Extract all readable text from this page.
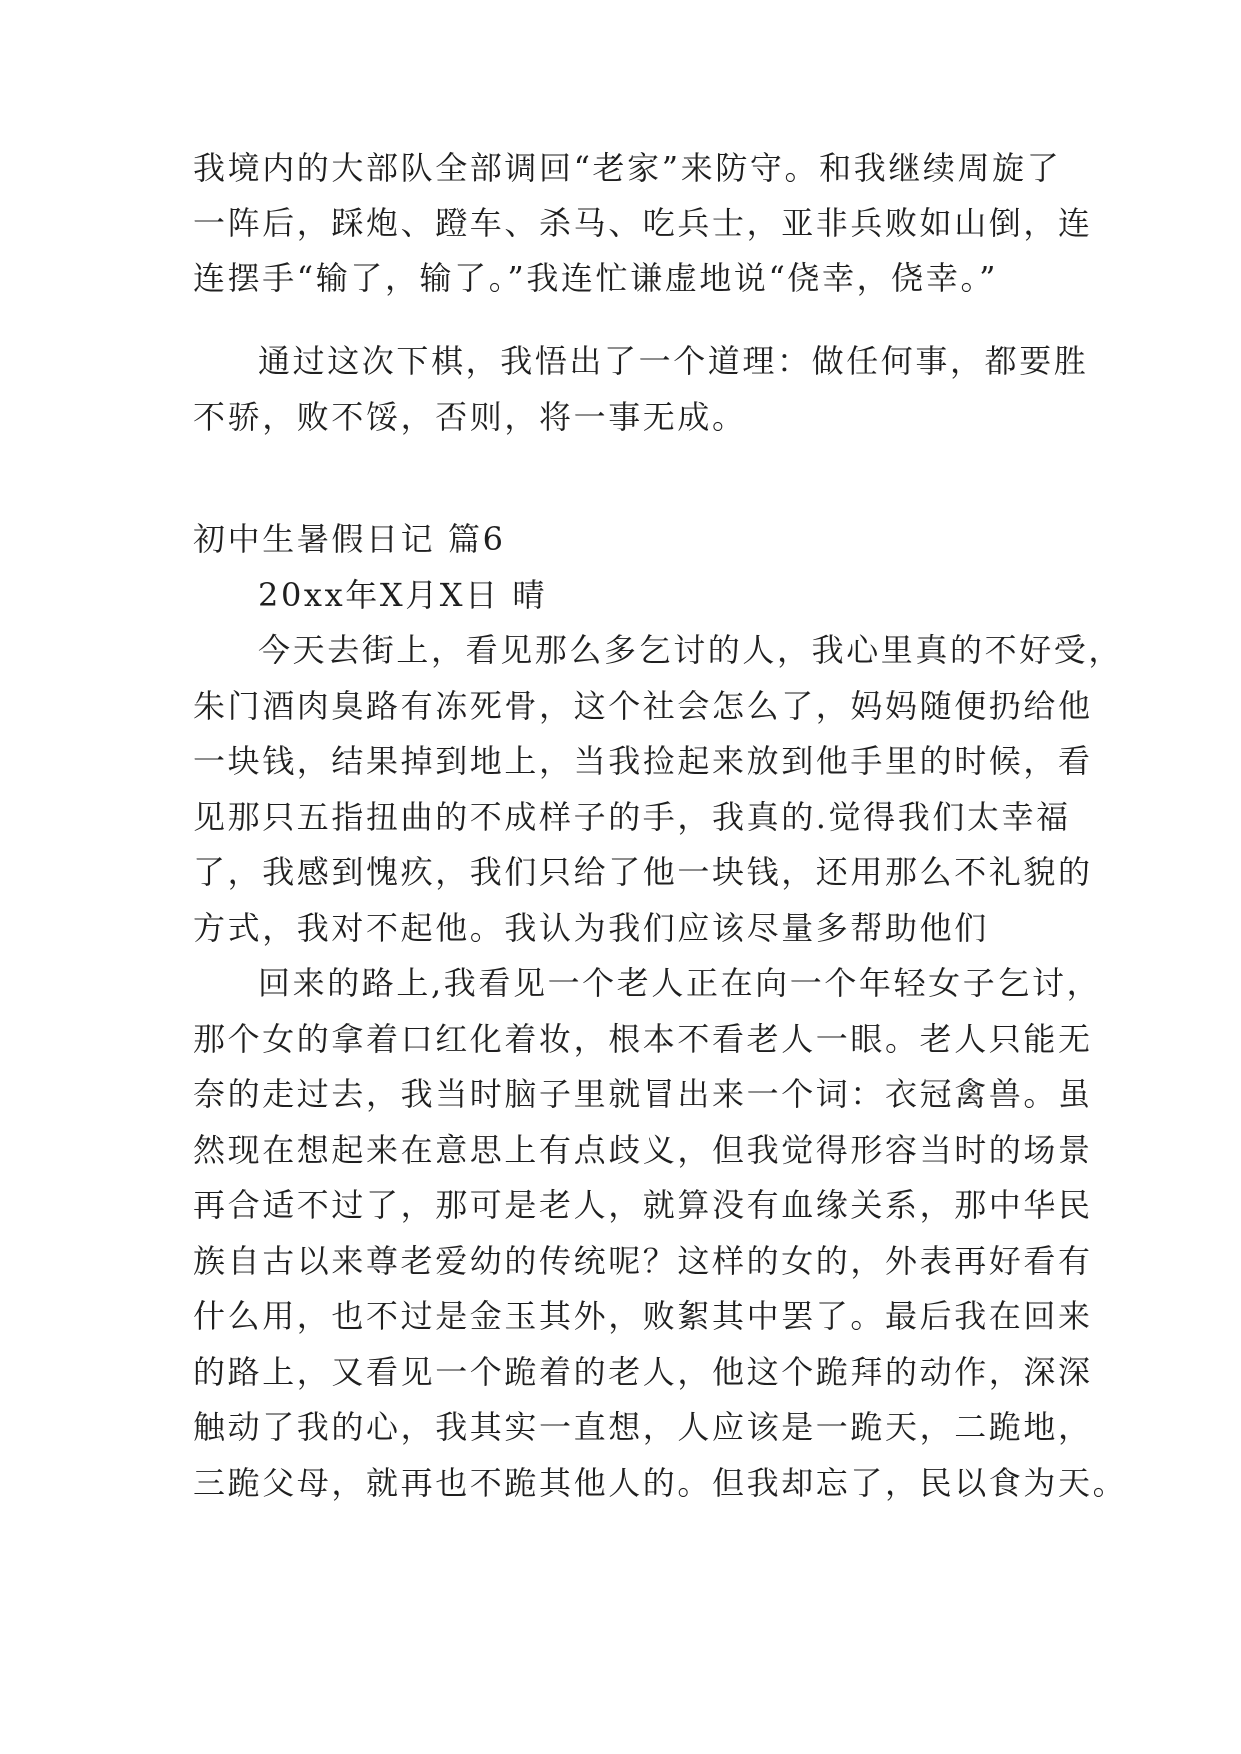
我境内的大部队全部调回“老家”来防守。和我继续周旋了
一阵后，踩炮、蹬车、杀马、吃兵士，亚非兵败如山倒，连
连摆手“输了，输了。”我连忙谦虚地说“侥幸，侥幸。”
通过这次下棋，我悟出了一个道理：做任何事，都要胜
不骄，败不馁，否则，将一事无成。
初中生暑假日记 篇6
20xx年X月X日 晴
今天去街上，看见那么多乞讨的人，我心里真的不好受，
朱门酒肉臭路有冻死骨，这个社会怎么了，妈妈随便扔给他
一块钱，结果掉到地上，当我捡起来放到他手里的时候，看
见那只五指扭曲的不成样子的手，我真的.觉得我们太幸福
了，我感到愧疚，我们只给了他一块钱，还用那么不礼貌的
方式，我对不起他。我认为我们应该尽量多帮助他们
回来的路上,我看见一个老人正在向一个年轻女子乞讨，
那个女的拿着口红化着妆，根本不看老人一眼。老人只能无
奈的走过去，我当时脑子里就冒出来一个词：衣冠禽兽。虽
然现在想起来在意思上有点歧义，但我觉得形容当时的场景
再合适不过了，那可是老人，就算没有血缘关系，那中华民
族自古以来尊老爱幼的传统呢？这样的女的，外表再好看有
什么用，也不过是金玉其外，败絮其中罢了。最后我在回来
的路上，又看见一个跪着的老人，他这个跪拜的动作，深深
触动了我的心，我其实一直想，人应该是一跪天，二跪地，
三跪父母，就再也不跪其他人的。但我却忘了，民以食为天。
